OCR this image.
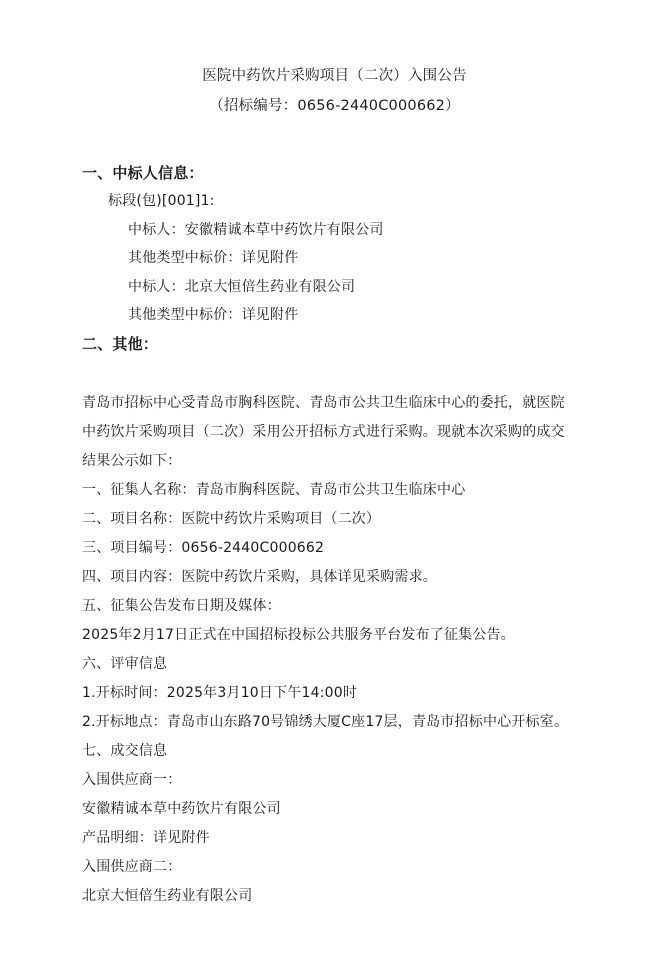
医院中药饮片采购项目（二次）入围公告
（招标编号：0656-2440C000662）
一、中标人信息：
标段(包)[001]1:
中标人：安徽精诚本草中药饮片有限公司
其他类型中标价：详见附件
中标人：北京大恒倍生药业有限公司
其他类型中标价：详见附件
二、其他：
青岛市招标中心受青岛市胸科医院、青岛市公共卫生临床中心的委托，就医院
中药饮片采购项目（二次）采用公开招标方式进行采购。现就本次采购的成交
结果公示如下：
一、征集人名称：青岛市胸科医院、青岛市公共卫生临床中心
二、项目名称：医院中药饮片采购项目（二次）
三、项目编号：0656-2440C000662
四、项目内容：医院中药饮片采购，具体详见采购需求。
五、征集公告发布日期及媒体：
2025年2月17日正式在中国招标投标公共服务平台发布了征集公告。
六、评审信息
1.开标时间：2025年3月10日下午14:00时
2.开标地点：青岛市山东路70号锦绣大厦C座17层，青岛市招标中心开标室。
七、成交信息
入围供应商一：
安徽精诚本草中药饮片有限公司
产品明细：详见附件
入围供应商二：
北京大恒倍生药业有限公司
